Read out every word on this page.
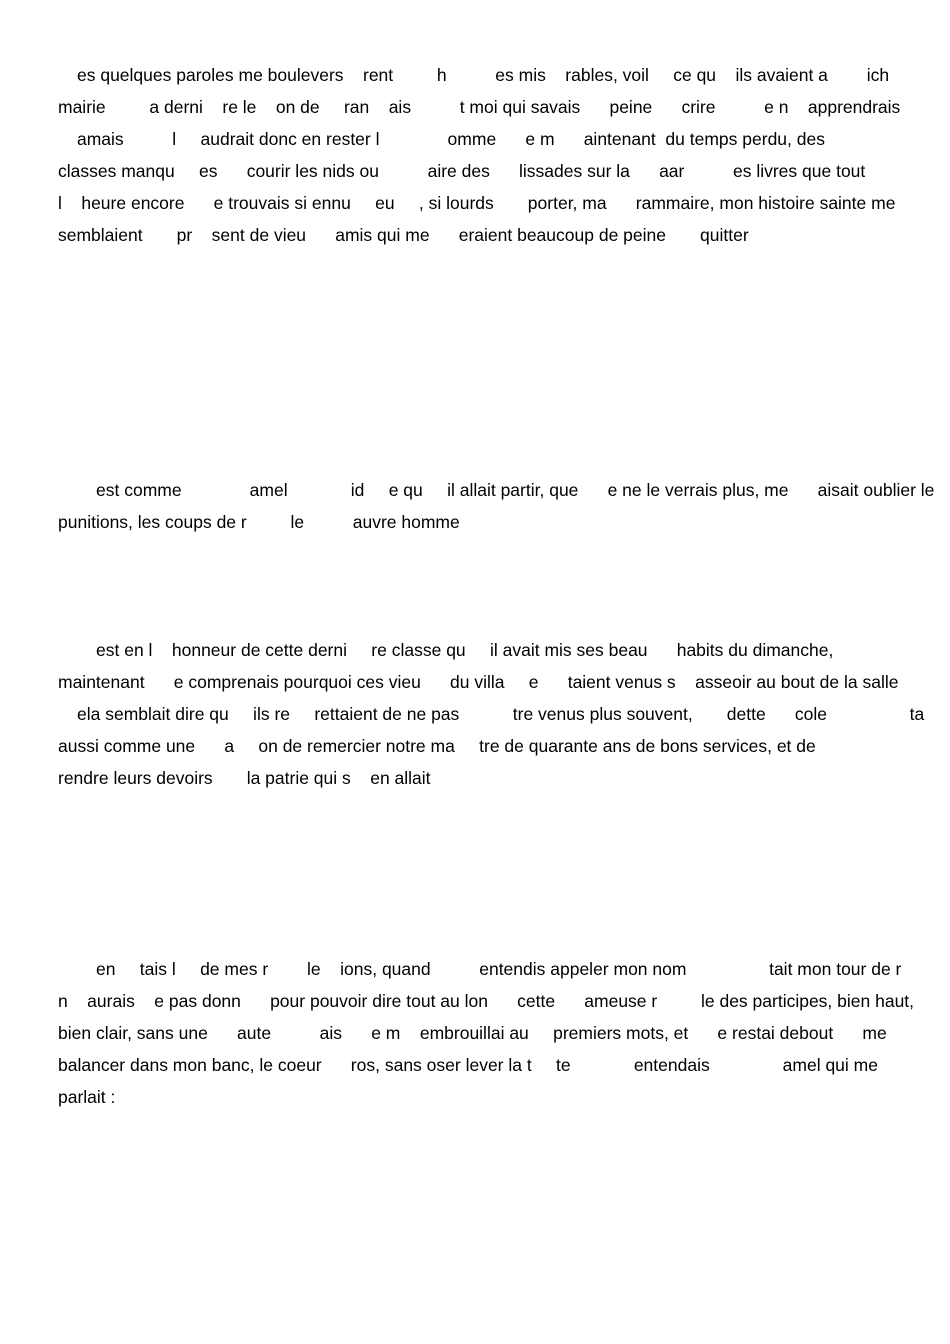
es quelques paroles me boulevers    rent         h          es mis    rables, voil     ce qu    ils avaient a        ich
mairie         a derni    re le    on de     ran    ais          t moi qui savais      peine      crire          e n    apprendrais
amais          l     audrait donc en rester l              omme      e m      aintenant  du temps perdu, des
classes manqu     es      courir les nids ou          aire des      lissades sur la      aar          es livres que tout
l    heure encore      e trouvais si ennu     eu     , si lourds       porter, ma      rammaire, mon histoire sainte me
semblaient       pr    sent de vieu      amis qui me      eraient beaucoup de peine       quitter
est comme              amel             id     e qu     il allait partir, que      e ne le verrais plus, me      aisait oublier le
punitions, les coups de r         le          auvre homme
est en l    honneur de cette derni     re classe qu     il avait mis ses beau      habits du dimanche,
maintenant      e comprenais pourquoi ces vieu      du villa     e      taient venus s    asseoir au bout de la salle
ela semblait dire qu     ils re     rettaient de ne pas           tre venus plus souvent,       dette      cole                 ta
aussi comme une      a     on de remercier notre ma     tre de quarante ans de bons services, et de
rendre leurs devoirs       la patrie qui s    en allait
en     tais l     de mes r        le    ions, quand          entendis appeler mon nom                 tait mon tour de r
n    aurais    e pas donn      pour pouvoir dire tout au lon      cette      ameuse r         le des participes, bien haut,
bien clair, sans une      aute          ais      e m    embrouillai au     premiers mots, et      e restai debout      me
balancer dans mon banc, le coeur      ros, sans oser lever la t     te             entendais               amel qui me
parlait :
